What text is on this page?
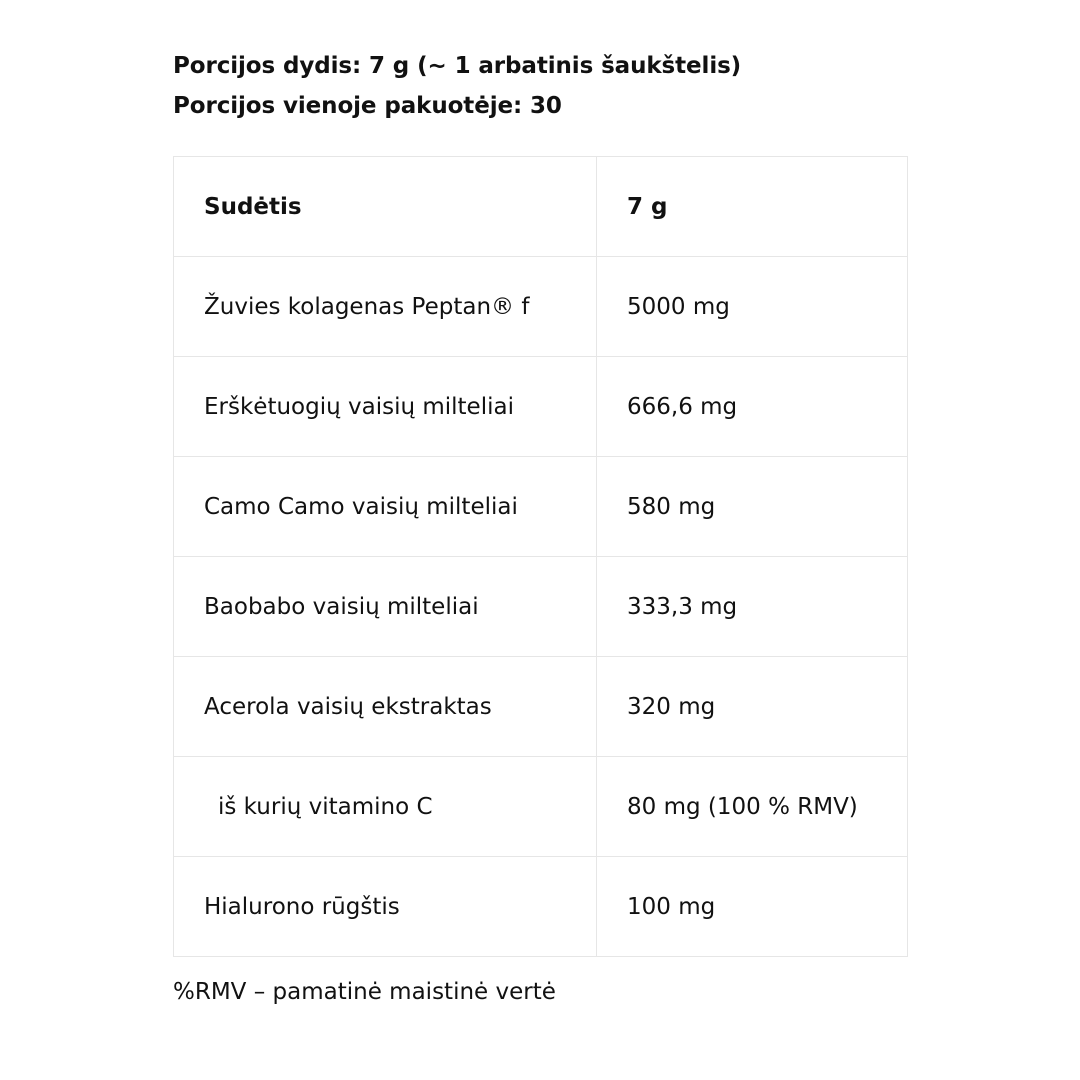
Porcijos dydis: 7 g (~ 1 arbatinis šaukštelis)
Porcijos vienoje pakuotėje: 30
Sudėtis	7 g
Žuvies kolagenas Peptan® f	5000 mg
Erškėtuogių vaisių milteliai	666,6 mg
Camo Camo vaisių milteliai	580 mg
Baobabo vaisių milteliai	333,3 mg
Acerola vaisių ekstraktas	320 mg
iš kurių vitamino C	80 mg (100 % RMV)
Hialurono rūgštis	100 mg
%RMV – pamatinė maistinė vertė
